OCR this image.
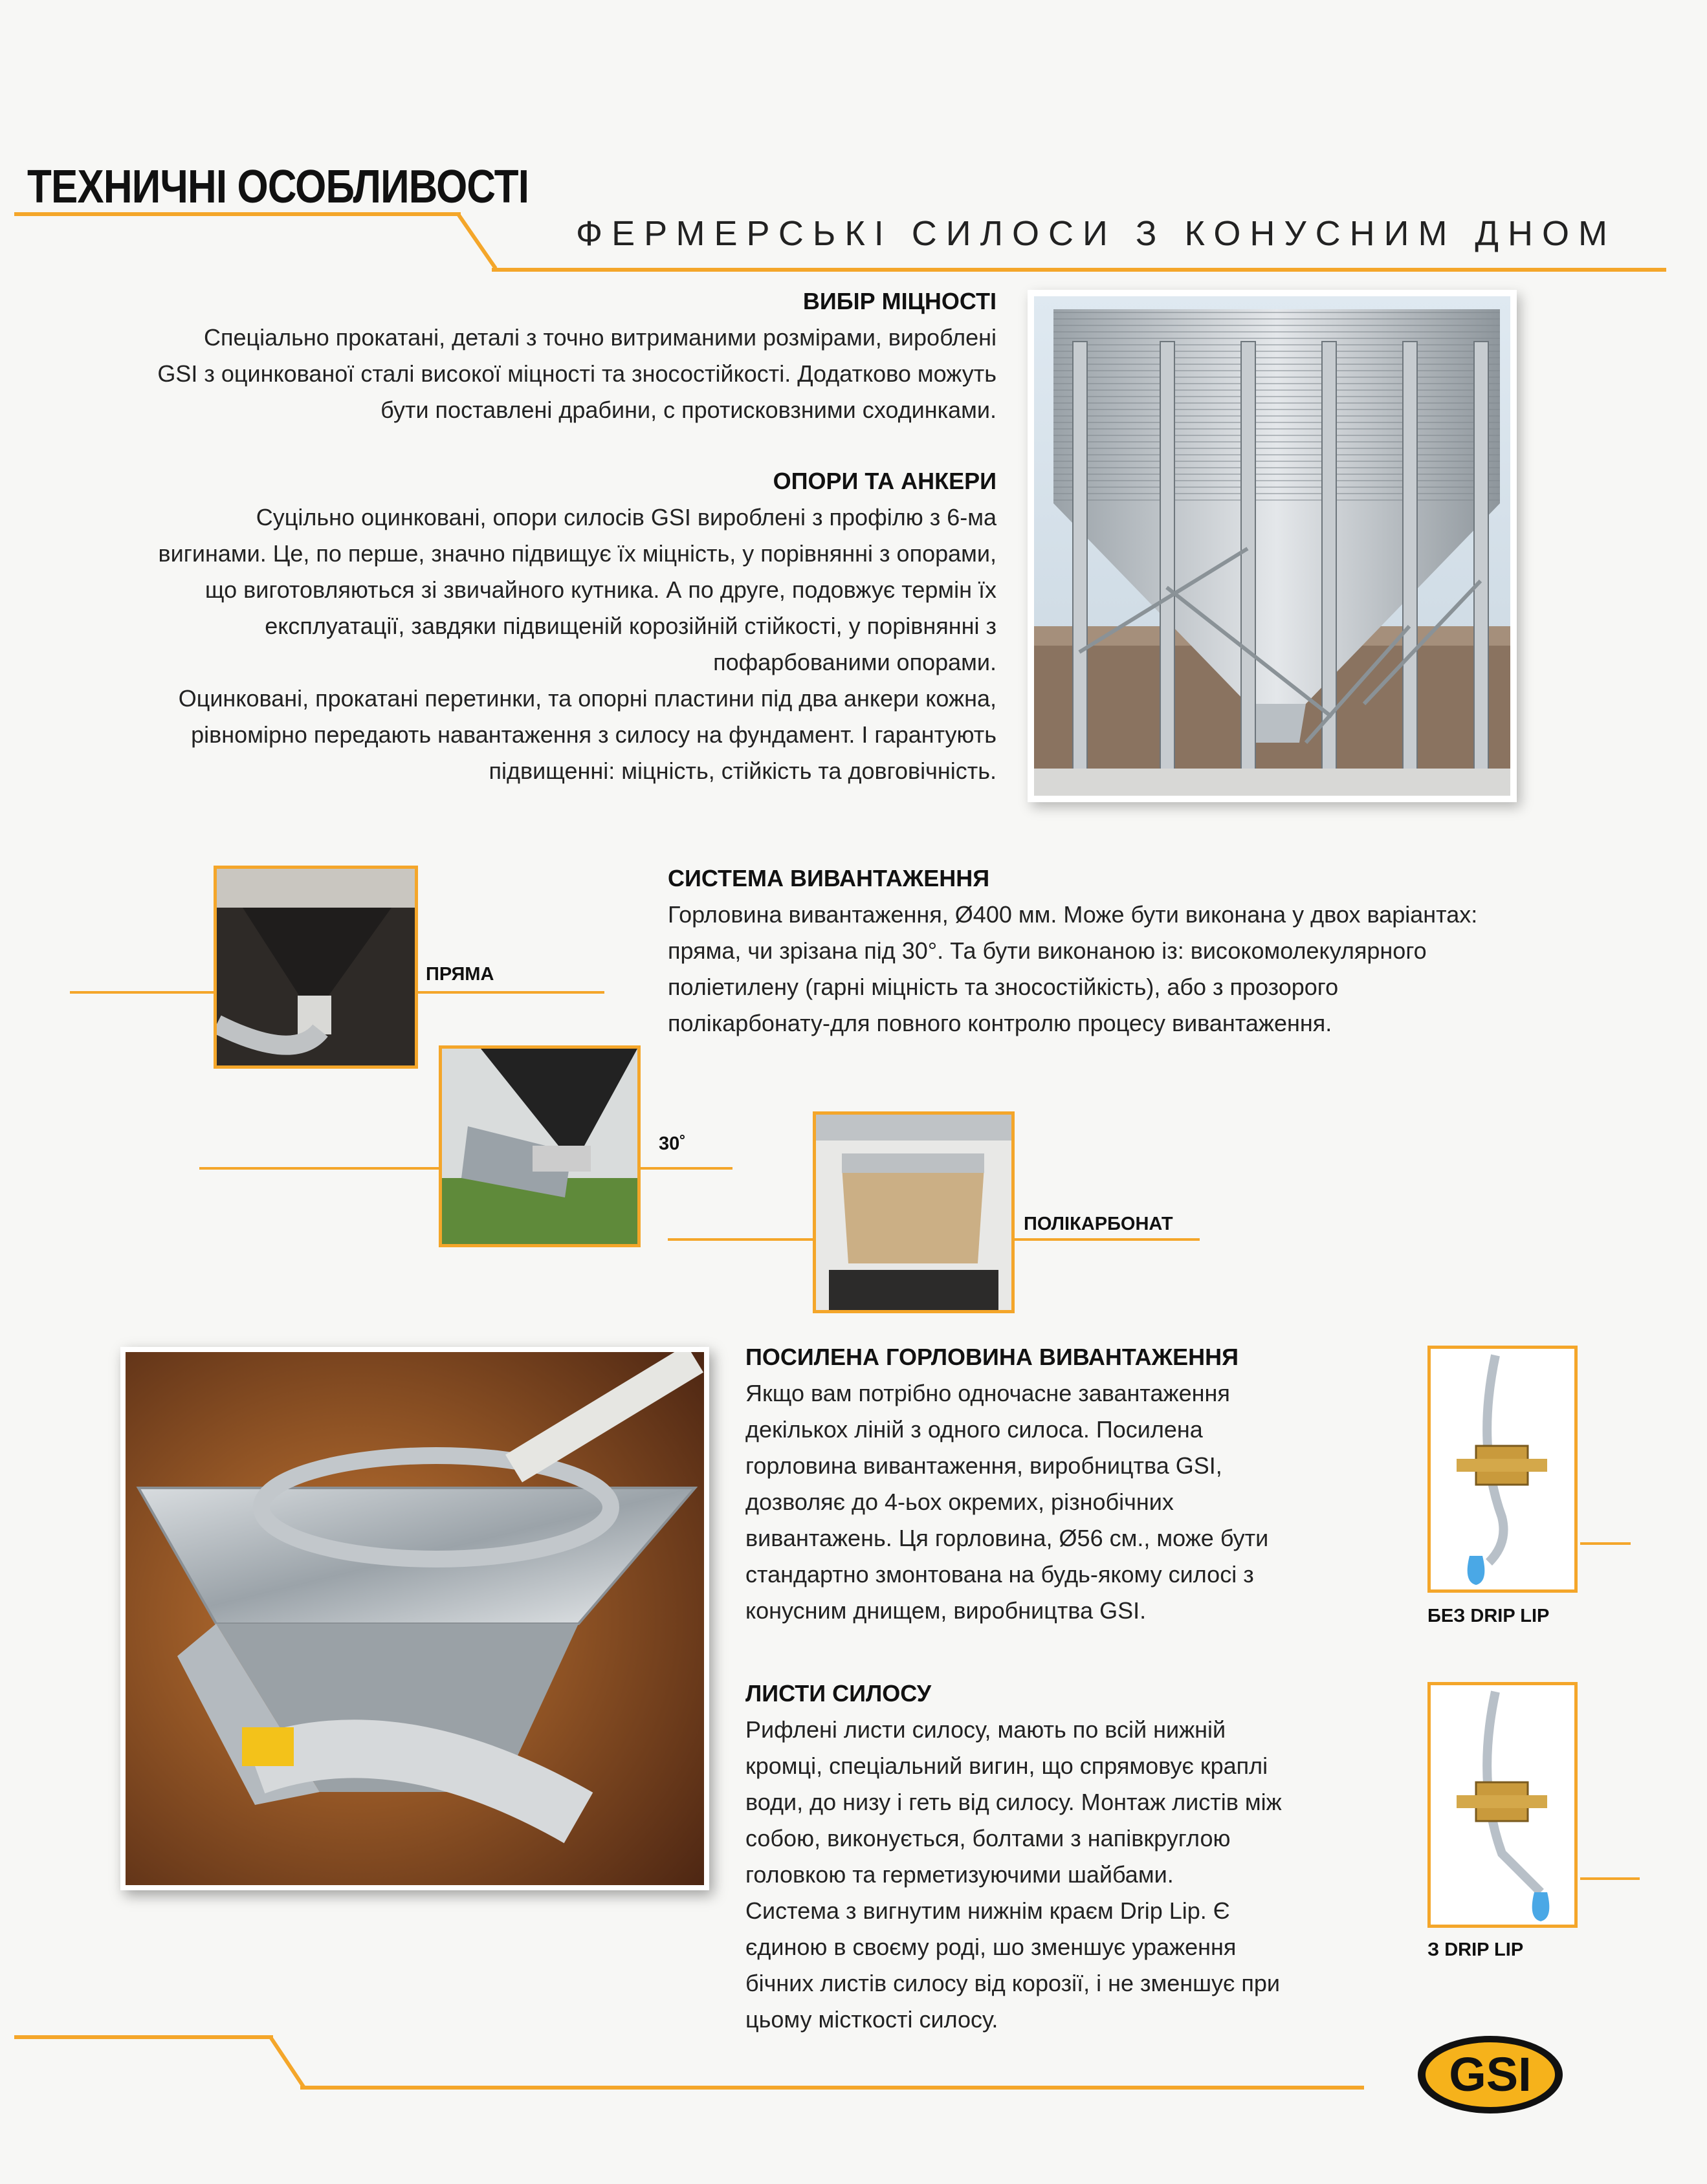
ТЕХНИЧНІ ОСОБЛИВОСТІ
ФЕРМЕРСЬКІ СИЛОСИ З КОНУСНИМ ДНОМ
ВИБІР МІЦНОСТІ
Спеціально прокатані, деталі з точно витриманими розмірами, вироблені
GSI з оцинкованої сталі високої міцності та зносостійкості. Додатково можуть
бути поставлені драбини, с протисковзними сходинками.
ОПОРИ ТА АНКЕРИ
Суцільно оцинковані, опори силосів GSI вироблені з профілю з 6-ма
вигинами. Це, по перше, значно підвищує їх міцність, у порівнянні з опорами,
що виготовляються зі звичайного кутника. А по друге, подовжує термін їх
експлуатації, завдяки підвищеній корозійній стійкості, у порівнянні з
пофарбованими опорами.
Оцинковані, прокатані перетинки, та опорні пластини під два анкери кожна,
рівномірно передають навантаження з силосу на фундамент. І гарантують
підвищенні: міцність, стійкість та довговічність.
СИСТЕМА ВИВАНТАЖЕННЯ
Горловина вивантаження, Ø400 мм. Може бути виконана у двох варіантах:
пряма, чи зрізана під 30°. Та бути виконаною із: високомолекулярного
поліетилену (гарні міцність та зносостійкість), або з прозорого
полікарбонату-для повного контролю процесу вивантаження.
ПРЯМА
30˚
ПОЛІКАРБОНАТ
ПОСИЛЕНА ГОРЛОВИНА ВИВАНТАЖЕННЯ
Якщо вам потрібно одночасне завантаження
декількох ліній з одного силоса. Посилена
горловина вивантаження, виробництва GSI,
дозволяє до 4-ьох окремих, різнобічних
вивантажень. Ця горловина, Ø56 см., може бути
стандартно змонтована на будь-якому силосі з
конусним днищем, виробництва GSI.
ЛИСТИ СИЛОСУ
Рифлені листи силосу, мають по всій нижній
кромці, спеціальний вигин, що спрямовує краплі
води, до низу і геть від силосу. Монтаж листів між
собою, виконується, болтами з напівкруглою
головкою та герметизуючими шайбами.
Система з вигнутим нижнім краєм Drip Lip. Є
єдиною в своєму роді, шо зменшує ураження
бічних листів силосу від корозії, і не зменшує при
цьому місткості силосу.
БЕЗ DRIP LIP
З DRIP LIP
GSI
